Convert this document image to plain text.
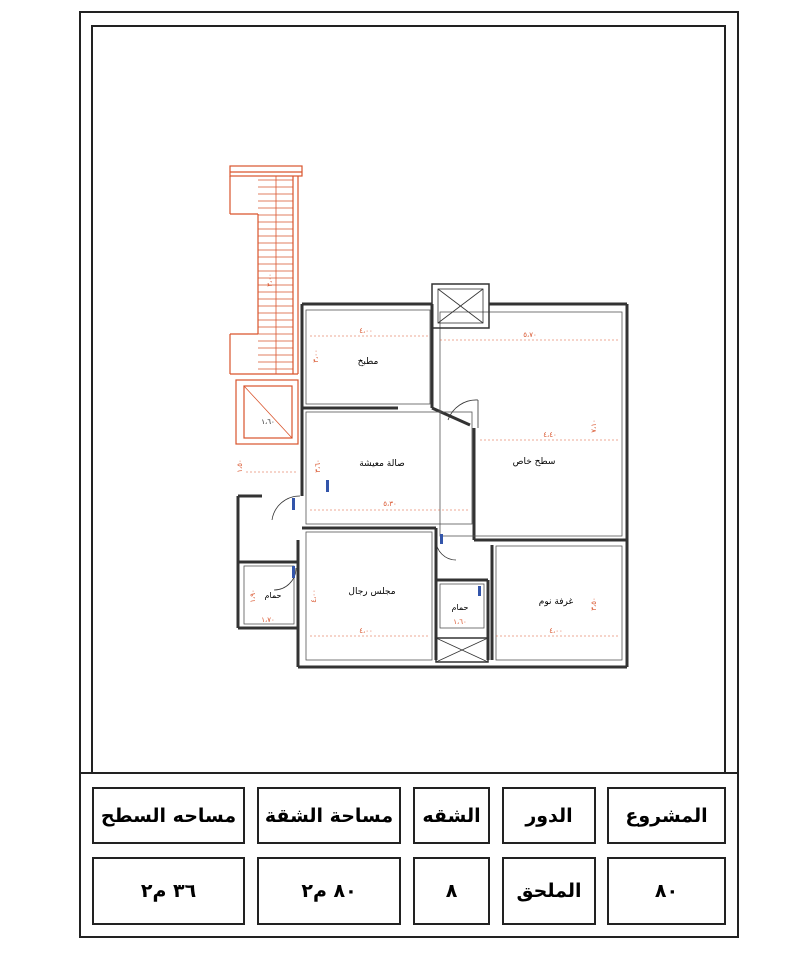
٣،٠٠
١،٦٠
مطبخ
صالة معيشة	سطح خاص
مجلس رجال
غرفة نوم
حمام
حمام
٤،٠٠
٣،٠٠
٥،٣٠
٣،٦٠
٥،٧٠
٤،٤٠
٧،١٠
٤،٠٠
٤،٠٠
٤،٠٠
٣،٥٠
١،٧٠
١،٩٠
١،٦٠
١،٥٠
المشروع
الدور
الشقه
مساحة الشقة
مساحه السطح
٨٠
الملحق
٨
٨٠ م٢
٣٦ م٢
